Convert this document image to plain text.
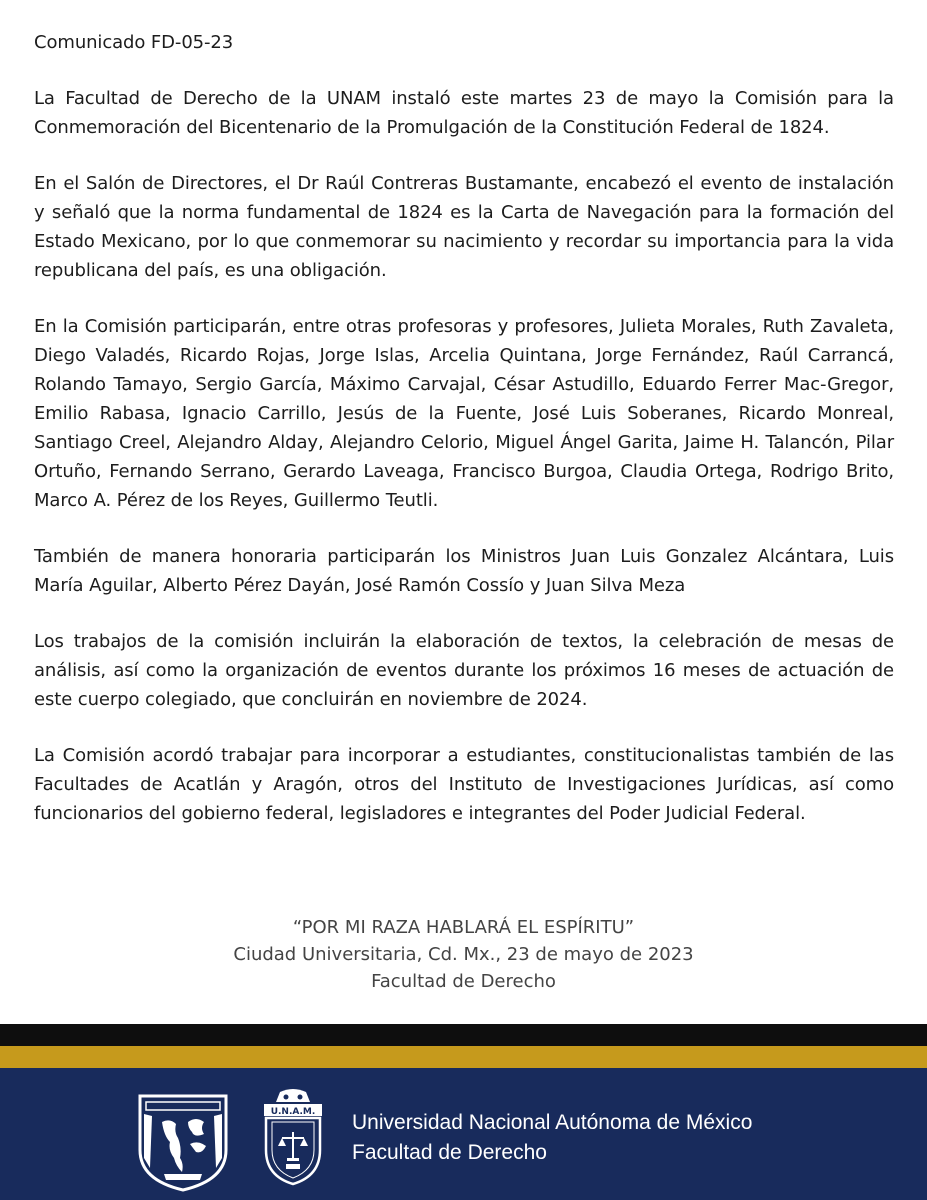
Comunicado FD-05-23

La Facultad de Derecho de la UNAM instaló este martes 23 de mayo la Comisión para la Conmemoración del Bicentenario de la Promulgación de la Constitución Federal de 1824.

En el Salón de Directores, el Dr Raúl Contreras Bustamante, encabezó el evento de instalación y señaló que la norma fundamental de 1824 es la Carta de Navegación para la formación del Estado Mexicano, por lo que conmemorar su nacimiento y recordar su importancia para la vida republicana del país, es una obligación.

En la Comisión participarán, entre otras profesoras y profesores, Julieta Morales, Ruth Zavaleta, Diego Valadés, Ricardo Rojas, Jorge Islas, Arcelia Quintana, Jorge Fernández, Raúl Carrancá, Rolando Tamayo, Sergio García, Máximo Carvajal, César Astudillo, Eduardo Ferrer Mac-Gregor, Emilio Rabasa, Ignacio Carrillo, Jesús de la Fuente, José Luis Soberanes, Ricardo Monreal, Santiago Creel, Alejandro Alday, Alejandro Celorio, Miguel Ángel Garita, Jaime H. Talancón, Pilar Ortuño, Fernando Serrano, Gerardo Laveaga, Francisco Burgoa, Claudia Ortega, Rodrigo Brito, Marco A. Pérez de los Reyes, Guillermo Teutli.

También de manera honoraria participarán los Ministros Juan Luis Gonzalez Alcántara, Luis María Aguilar, Alberto Pérez Dayán, José Ramón Cossío y Juan Silva Meza

Los trabajos de la comisión incluirán la elaboración de textos, la celebración de mesas de análisis, así como la organización de eventos durante los próximos 16 meses de actuación de este cuerpo colegiado, que concluirán en noviembre de 2024.

La Comisión acordó trabajar para incorporar a estudiantes, constitucionalistas también de las Facultades de Acatlán y Aragón, otros del Instituto de Investigaciones Jurídicas, así como funcionarios del gobierno federal, legisladores e integrantes del Poder Judicial Federal.

“POR MI RAZA HABLARÁ EL ESPÍRITU”
Ciudad Universitaria, Cd. Mx., 23 de mayo de 2023
Facultad de Derecho
U.N.A.M. Universidad Nacional Autónoma de México
Facultad de Derecho
